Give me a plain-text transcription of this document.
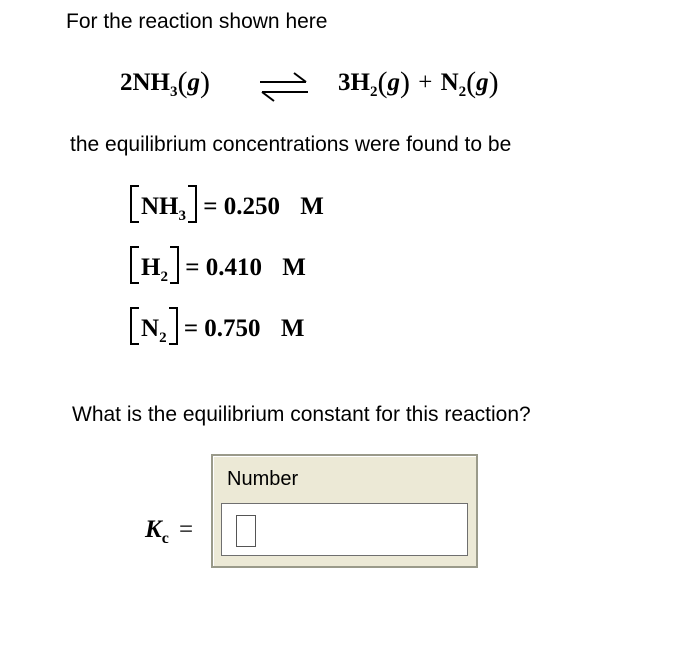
For the reaction shown here
$2NH_3(g)$	$3H_2(g) + N_2(g)$
the equilibrium concentrations were found to be
$NH_3 = 0.250$ M
$H_2 = 0.410$ M
$N_2 = 0.750$ M
What is the equilibrium constant for this reaction?
$K_c$ =
Number
